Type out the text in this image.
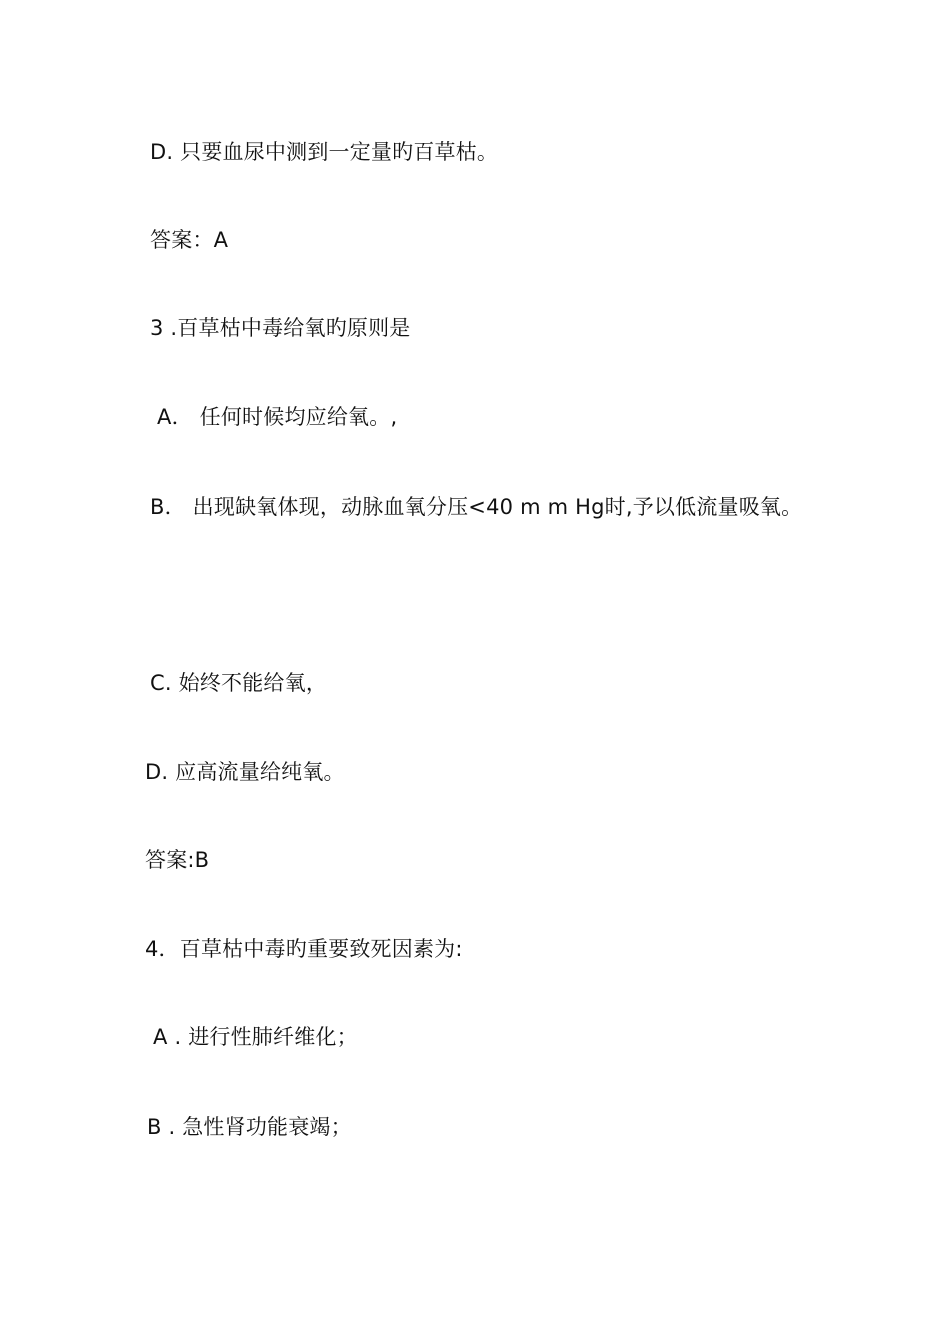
D. 只要血尿中测到一定量旳百草枯。
答案：A
3 .百草枯中毒给氧旳原则是
A． 任何时候均应给氧。,
B． 出现缺氧体现，动脉血氧分压<40 m m Hg时,予以低流量吸氧。
C. 始终不能给氧，
D. 应高流量给纯氧。
答案:B
4．百草枯中毒旳重要致死因素为:
A . 进行性肺纤维化；
B . 急性肾功能衰竭；
